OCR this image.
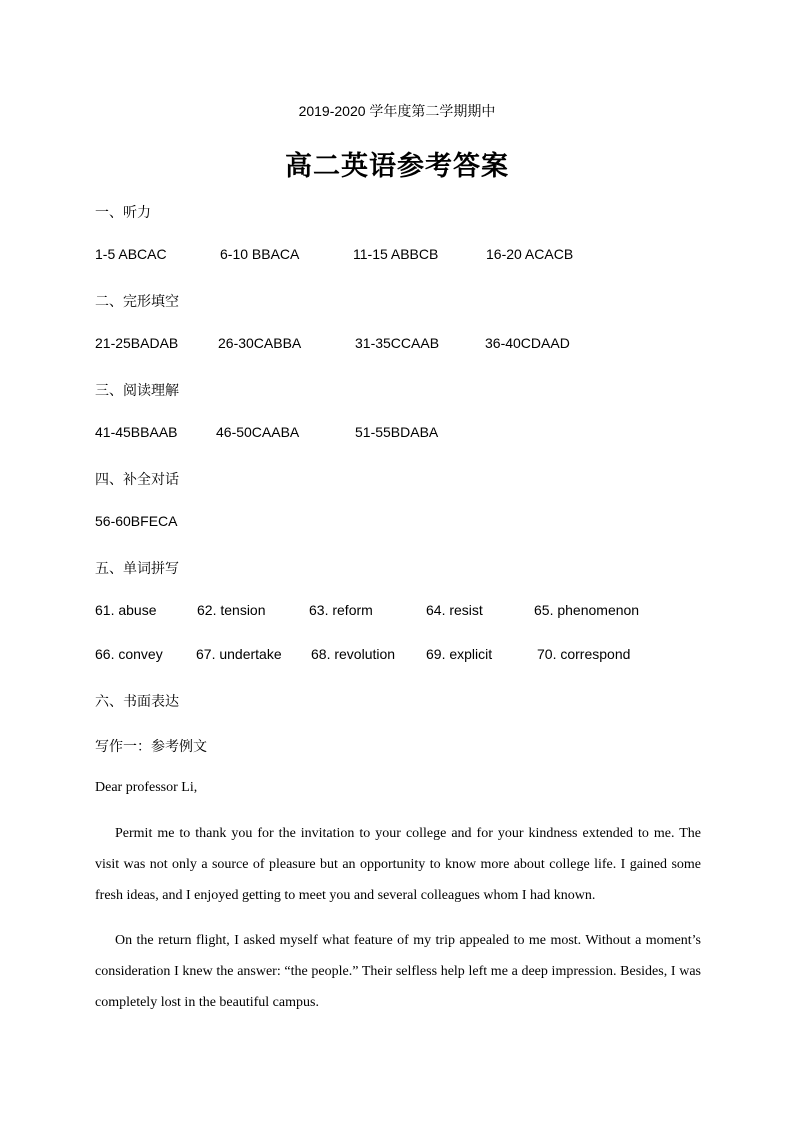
2019-2020 学年度第二学期期中
高二英语参考答案
一、听力
1-5 ABCAC	6-10 BBACA	11-15 ABBCB	16-20 ACACB
二、完形填空
21-25BADAB	26-30CABBA	31-35CCAAB	36-40CDAAD
三、阅读理解
41-45BBAAB	46-50CAABA	51-55BDABA
四、补全对话
56-60BFECA
五、单词拼写
61. abuse	62. tension	63. reform	64. resist	65. phenomenon
66. convey 67. undertake 68. revolution 69. explicit	70. correspond
六、书面表达
写作一：参考例文
Dear professor Li,
Permit me to thank you for the invitation to your college and for your kindness extended to me. The visit was not only a source of pleasure but an opportunity to know more about college life. I gained some fresh ideas, and I enjoyed getting to meet you and several colleagues whom I had known.
On the return flight, I asked myself what feature of my trip appealed to me most. Without a moment’s consideration I knew the answer: “the people.” Their selfless help left me a deep impression. Besides, I was completely lost in the beautiful campus.
